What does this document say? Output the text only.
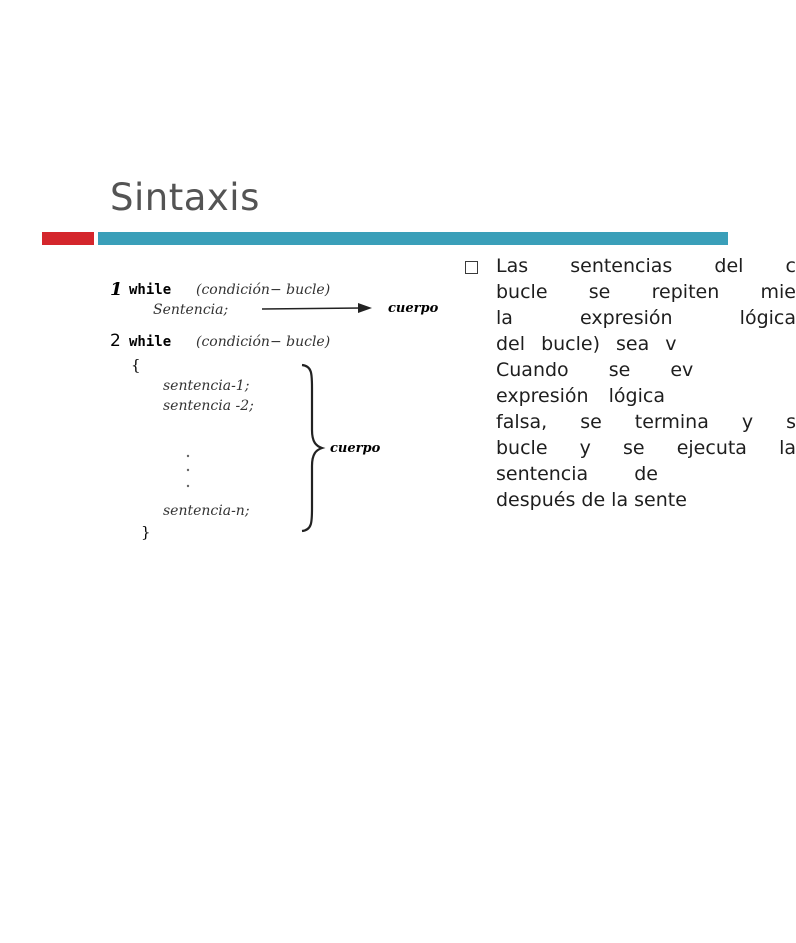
Sintaxis
1 while (condición− bucle)
Sentencia;	cuerpo
2 while (condición− bucle)
{
sentencia-1;
sentencia -2;
sentencia-n;
}
cuerpo

Las sentencias del c
bucle se repiten mie
la expresión lógica
del bucle) sea v
Cuando se ev
expresión lógica
falsa, se termina y s
bucle y se ejecuta la
sentencia de
después de la sente
